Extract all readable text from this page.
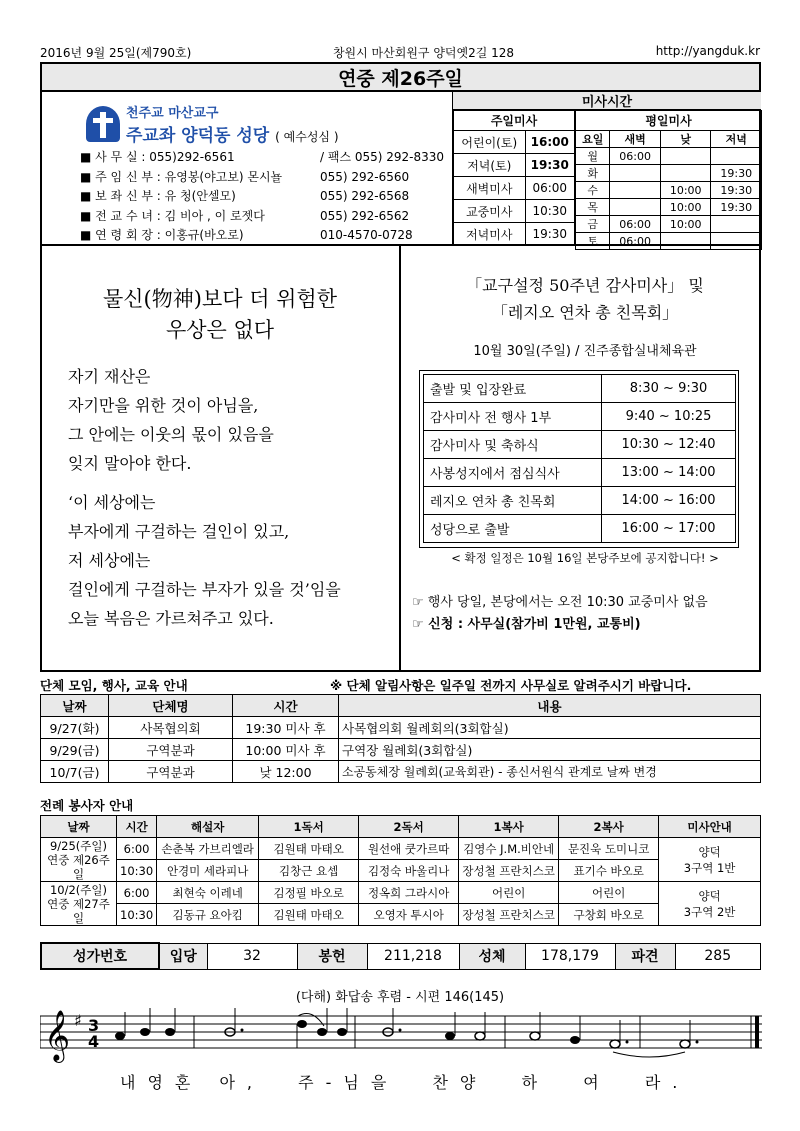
2016년 9월 25일(제790호)	창원시 마산회원구 양덕옛2길 128	http://yangduk.kr
연중 제26주일
천주교 마산교구
주교좌 양덕동 성당 ( 예수성심 )
■ 사 무 실 : 055)292-6561	/ 팩스 055) 292-8330
■ 주 임 신 부 : 유영봉(야고보) 몬시뇰	055) 292-6560
■ 보 좌 신 부 : 유 청(안셀모)	055) 292-6568
■ 전 교 수 녀 : 김 비아 , 이 로젯다	055) 292-6562
■ 연 령 회 장 : 이홍규(바오로)	010-4570-0728
미사시간
주일미사	
어린이(토)	16:00
저녁(토)	19:30
새벽미사	06:00
교중미사	10:30
저녁미사	19:30
평일미사			
요일	새벽	낮	저녁
월	06:00		
화			19:30
수		10:00	19:30
목		10:00	19:30
금	06:00	10:00	
토	06:00		
물신(物神)보다 더 위험한
우상은 없다
자기 재산은
자기만을 위한 것이 아님을,
그 안에는 이웃의 몫이 있음을
잊지 말아야 한다.
‘이 세상에는
부자에게 구걸하는 걸인이 있고,
저 세상에는
걸인에게 구걸하는 부자가 있을 것’임을
오늘 복음은 가르쳐주고 있다.
「교구설정 50주년 감사미사」 및
「레지오 연차 총 친목회」
10월 30일(주일) / 진주종합실내체육관
출발 및 입장완료	8:30 ~ 9:30
감사미사 전 행사 1부	9:40 ~ 10:25
감사미사 및 축하식	10:30 ~ 12:40
사봉성지에서 점심식사	13:00 ~ 14:00
레지오 연차 총 친목회	14:00 ~ 16:00
성당으로 출발	16:00 ~ 17:00
< 확정 일정은 10월 16일 본당주보에 공지합니다! >
☞ 행사 당일, 본당에서는 오전 10:30 교중미사 없음
☞ 신청 : 사무실(참가비 1만원, 교통비)
단체 모임, 행사, 교육 안내	※ 단체 알림사항은 일주일 전까지 사무실로 알려주시기 바랍니다.
날짜	단체명	시간	내용
9/27(화)	사목협의회	19:30 미사 후	사목협의회 월례회의(3회합실)
9/29(금)	구역분과	10:00 미사 후	구역장 월례회(3회합실)
10/7(금)	구역분과	낮 12:00	소공동체장 월례회(교육회관) - 종신서원식 관계로 날짜 변경
전례 봉사자 안내
날짜	시간	해설자	1독서	2독서	1복사	2복사	미사안내
9/25(주일)
연중 제26주일	6:00	손춘복 가브리엘라	김원태 마태오	원선애 쿳가르따	김영수 J.M.비안네	문진욱 도미니코	양덕
3구역 1반
	10:30	안경미 세라피나	김창근 요셉	김정숙 바울리나	장성철 프란치스코	표기수 바오로	
10/2(주일)
연중 제27주일	6:00	최현숙 이레네	김정필 바오로	정옥희 그라시아	어린이	어린이	양덕
3구역 2반
	10:30	김동규 요아킴	김원태 마태오	오영자 투시아	장성철 프란치스코	구창회 바오로	
성가번호	입당	32	봉헌	211,218	성체	178,179	파견	285
(다해) 화답송 후렴 - 시편 146(145)
𝄞 ♯ 3
4
내영혼 아,  주-님을  찬양  하  여  라.
